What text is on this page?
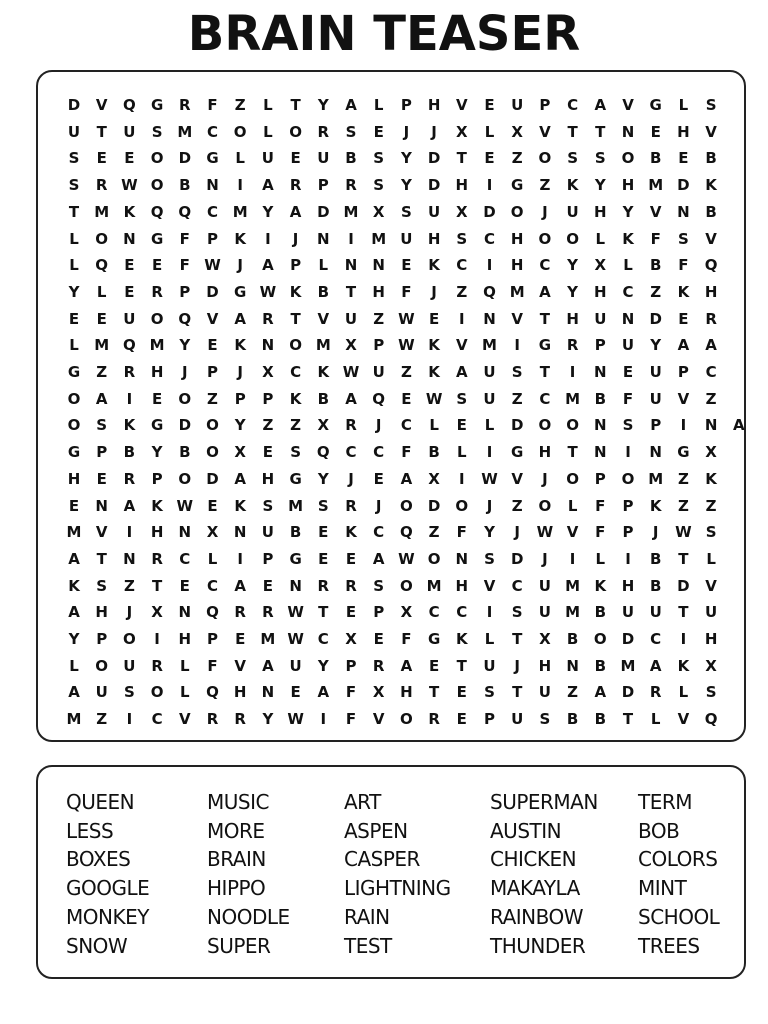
BRAIN TEASER
D	V	Q	G	R	F	Z	L	T	Y	A	L	P	H	V	E	U	P	C	A	V	G	L	S
U	T	U	S M C	O	L	O	R	S	E	J	J	X	L	X	V	T	T	N	E	H	V
S	E	E	O	D	G	L	U	E	U	B	S	Y	D	T	E	Z	O	S	S	O	B	E	B
S	R W O	B	N	I	A	R	P	R	S	Y	D	H	I	G	Z	K	Y	H M D	K
T	M K	Q Q	C M Y	A	D M X	S	U	X	D	O	J	U	H	Y	V	N	B
L	O	N	G	F	P	K	I	J	N	I	M U	H	S	C	H	O O	L	K	F	S	V
L	Q	E	E	F W	J	A	P	L	N	N	E	K	C	I	H	C	Y	X	L	B	F	Q
Y	L	E	R	P	D	G W K	B	T	H	F	J	Z	Q M A	Y	H	C	Z	K	H
E	E	U	O Q	V	A	R	T	V	U	Z W E	I	N	V	T	H	U	N	D	E	R
L	M Q M Y	E	K	N	O M X	P W K	V M	I	G	R	P	U	Y	A	A
G	Z	R	H	J	P	J	X	C	K W U	Z	K	A	U	S	T	I	N	E	U	P	C
O	A	I	E	O	Z	P	P	K	B	A	Q	E W S	U	Z	C M B	F	U	V	Z
O	S	K	G	D	O	Y	Z	Z	X	R	J	C	L	E	L	D	O O	N	S	P	I	N	A
G	P	B	Y	B	O	X	E	S	Q	C	C	F	B	L	I	G	H	T	N	I	N	G	X
H	E	R	P	O	D	A	H	G	Y	J	E	A	X	I	W V	J	O	P	O M Z	K
E	N	A	K W E	K	S M S	R	J	O	D	O	J	Z	O	L	F	P	K	Z	Z
M V	I	H	N	X	N	U	B	E	K	C	Q	Z	F	Y	J	W V	F	P	J	W S
A	T	N	R	C	L	I	P	G	E	E	A W O	N	S	D	J	I	L	I	B	T	L
K	S	Z	T	E	C	A	E	N	R	R	S	O M H	V	C	U M K	H	B	D	V
A	H	J	X	N	Q	R	R W T	E	P	X	C	C	I	S	U M B	U	U	T	U
Y	P	O	I	H	P	E	M W C	X	E	F	G	K	L	T	X	B	O	D	C	I	H
L	O	U	R	L	F	V	A	U	Y	P	R	A	E	T	U	J	H	N	B M A	K	X
A	U	S	O	L	Q	H	N	E	A	F	X	H	T	E	S	T	U	Z	A	D	R	L	S
M Z	I	C	V	R	R	Y W	I	F	V	O	R	E	P	U	S	B	B	T	L	V	Q
QUEEN
LESS
BOXES
GOOGLE
MONKEY
SNOW
MUSIC
MORE
BRAIN
HIPPO
NOODLE
SUPER
ART
ASPEN
CASPER
LIGHTNING
RAIN
TEST
SUPERMAN
AUSTIN
CHICKEN
MAKAYLA
RAINBOW
THUNDER
TERM
BOB
COLORS
MINT
SCHOOL
TREES
